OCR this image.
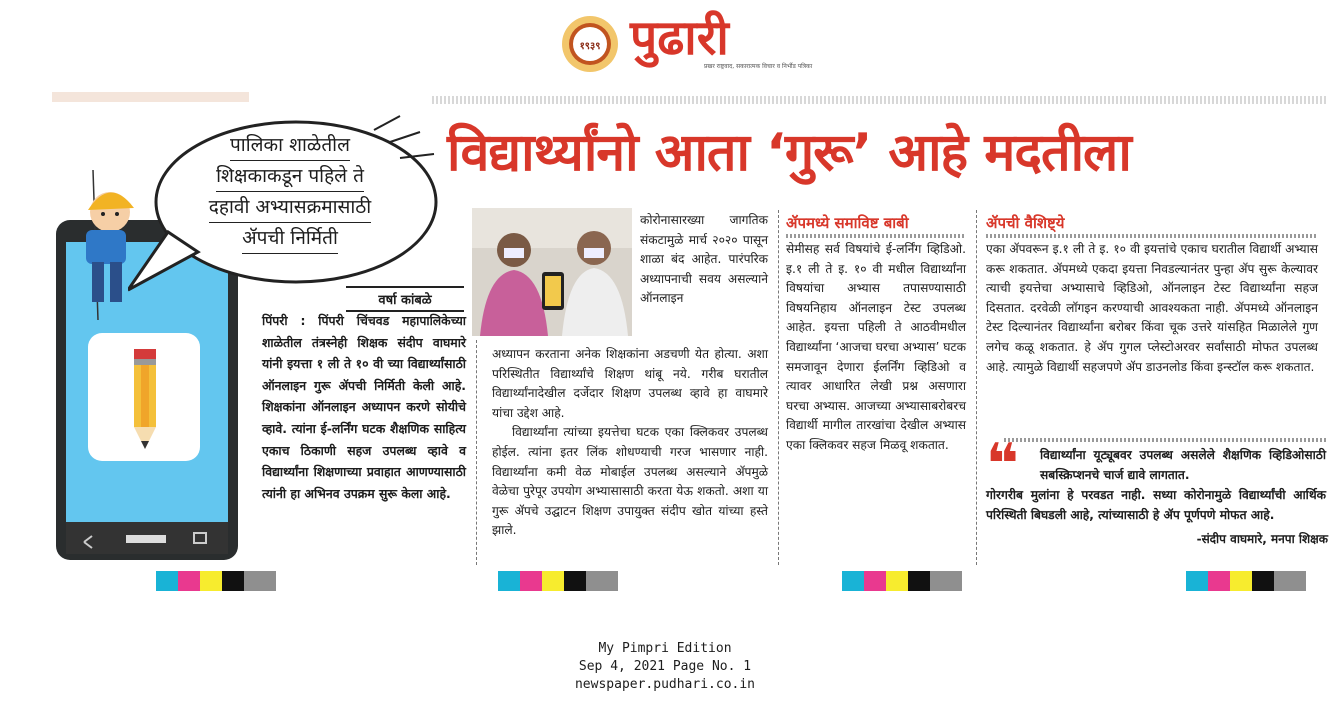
१९३९ पुढारी
प्रखर राष्ट्रवाद, सकारात्मक विचार व निर्भीड पत्रिका
विद्यार्थ्यांनो आता ‘गुरू’ आहे मदतीला
पालिका शाळेतील
शिक्षकाकडून पहिले ते
दहावी अभ्यासक्रमासाठी
ॲपची निर्मिती
वर्षा कांबळे
पिंपरी : पिंपरी चिंचवड महापालिकेच्या शाळेतील तंत्रस्नेही शिक्षक संदीप वाघमारे यांनी इयत्ता १ ली ते १० वी च्या विद्यार्थ्यांसाठी ऑनलाइन गुरू ॲपची निर्मिती केली आहे. शिक्षकांना ऑनलाइन अध्यापन करणे सोयीचे व्हावे. त्यांना ई-लर्निंग घटक शैक्षणिक साहित्य एकाच ठिकाणी सहज उपलब्ध व्हावे व विद्यार्थ्यांना शिक्षणाच्या प्रवाहात आणण्यासाठी त्यांनी हा अभिनव उपक्रम सुरू केला आहे.
कोरोनासारख्या जागतिक संकटामुळे मार्च २०२० पासून शाळा बंद आहेत. पारंपरिक अध्यापनाची सवय असल्याने ऑनलाइन

अध्यापन करताना अनेक शिक्षकांना अडचणी येत होत्या. अशा परिस्थितीत विद्यार्थ्यांचे शिक्षण थांबू नये. गरीब घरातील विद्यार्थ्यांनादेखील दर्जेदार शिक्षण उपलब्ध व्हावे हा वाघमारे यांचा उद्देश आहे.

विद्यार्थ्यांना त्यांच्या इयत्तेचा घटक एका क्लिकवर उपलब्ध होईल. त्यांना इतर लिंक शोधण्याची गरज भासणार नाही. विद्यार्थ्यांना कमी वेळ मोबाईल उपलब्ध असल्याने ॲपमुळे वेळेचा पुरेपूर उपयोग अभ्यासासाठी करता येऊ शकतो. अशा या गुरू ॲपचे उद्घाटन शिक्षण उपायुक्त संदीप खोत यांच्या हस्ते झाले.

ॲपमध्ये समाविष्ट बाबी
सेमीसह सर्व विषयांचे ई-लर्निंग व्हिडिओ. इ.१ ली ते इ. १० वी मधील विद्यार्थ्यांना विषयांचा अभ्यास तपासण्यासाठी विषयनिहाय ऑनलाइन टेस्ट उपलब्ध आहेत. इयत्ता पहिली ते आठवीमधील विद्यार्थ्यांना ‘आजचा घरचा अभ्यास’ घटक समजावून देणारा ईलर्निंग व्हिडिओ व त्यावर आधारित लेखी प्रश्न असणारा घरचा अभ्यास. आजच्या अभ्यासाबरोबरच विद्यार्थी मागील तारखांचा देखील अभ्यास एका क्लिकवर सहज मिळवू शकतात.
ॲपची वैशिष्ट्ये
एका ॲपवरून इ.१ ली ते इ. १० वी इयत्तांचे एकाच घरातील विद्यार्थी अभ्यास करू शकतात. ॲपमध्ये एकदा इयत्ता निवडल्यानंतर पुन्हा ॲप सुरू केल्यावर त्याची इयत्तेचा अभ्यासाचे व्हिडिओ, ऑनलाइन टेस्ट विद्यार्थ्यांना सहज दिसतात. दरवेळी लॉगइन करण्याची आवश्यकता नाही. ॲपमध्ये ऑनलाइन टेस्ट दिल्यानंतर विद्यार्थ्यांना बरोबर किंवा चूक उत्तरे यांसहित मिळालेले गुण लगेच कळू शकतात. हे ॲप गुगल प्लेस्टोअरवर सर्वांसाठी मोफत उपलब्ध आहे. त्यामुळे विद्यार्थी सहजपणे ॲप डाउनलोड किंवा इन्स्टॉल करू शकतात.
❝ विद्यार्थ्यांना यूट्यूबवर उपलब्ध असलेले शैक्षणिक व्हिडिओसाठी सबस्क्रिप्शनचे चार्ज द्यावे लागतात.
गोरगरीब मुलांना हे परवडत नाही. सध्या कोरोनामुळे विद्यार्थ्यांची आर्थिक परिस्थिती बिघडली आहे, त्यांच्यासाठी हे ॲप पूर्णपणे मोफत आहे.
-संदीप वाघमारे, मनपा शिक्षक
My Pimpri Edition
Sep 4, 2021 Page No. 1
newspaper.pudhari.co.in
